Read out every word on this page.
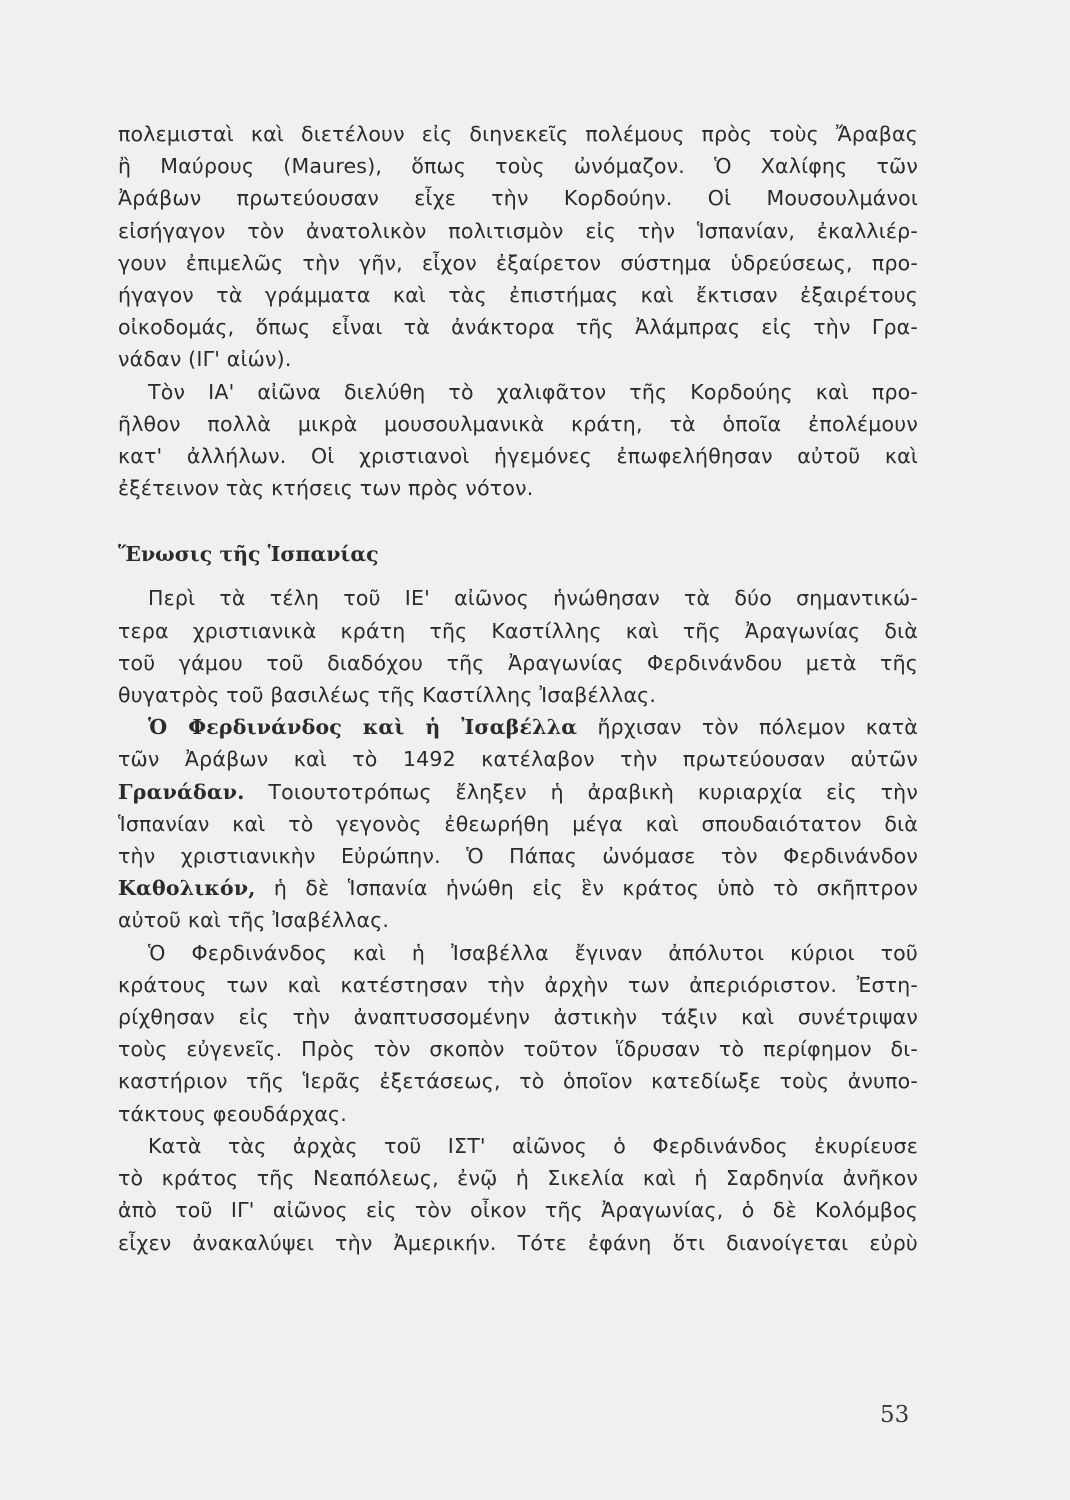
πολεμισταὶ καὶ διετέλουν εἰς διηνεκεῖς πολέμους πρὸς τοὺς Ἄραβας
ἢ Μαύρους (Maures), ὅπως τοὺς ὠνόμαζον. Ὁ Χαλίφης τῶν
Ἀράβων πρωτεύουσαν εἶχε τὴν Κορδούην. Οἱ Μουσουλμάνοι
εἰσήγαγον τὸν ἀνατολικὸν πολιτισμὸν εἰς τὴν Ἱσπανίαν, ἐκαλλιέρ-
γουν ἐπιμελῶς τὴν γῆν, εἶχον ἐξαίρετον σύστημα ὑδρεύσεως, προ-
ήγαγον τὰ γράμματα καὶ τὰς ἐπιστήμας καὶ ἔκτισαν ἐξαιρέτους
οἰκοδομάς, ὅπως εἶναι τὰ ἀνάκτορα τῆς Ἀλάμπρας εἰς τὴν Γρα-
νάδαν (ΙΓ' αἰών).
Τὸν ΙΑ' αἰῶνα διελύθη τὸ χαλιφᾶτον τῆς Κορδούης καὶ προ-
ῆλθον πολλὰ μικρὰ μουσουλμανικὰ κράτη, τὰ ὁποῖα ἐπολέμουν
κατ' ἀλλήλων. Οἱ χριστιανοὶ ἡγεμόνες ἐπωφελήθησαν αὐτοῦ καὶ
ἐξέτεινον τὰς κτήσεις των πρὸς νότον.
Ἕνωσις τῆς Ἱσπανίας
Περὶ τὰ τέλη τοῦ ΙΕ' αἰῶνος ἡνώθησαν τὰ δύο σημαντικώ-
τερα χριστιανικὰ κράτη τῆς Καστίλλης καὶ τῆς Ἀραγωνίας διὰ
τοῦ γάμου τοῦ διαδόχου τῆς Ἀραγωνίας Φερδινάνδου μετὰ τῆς
θυγατρὸς τοῦ βασιλέως τῆς Καστίλλης Ἰσαβέλλας.
Ὁ Φερδινάνδος καὶ ἡ Ἰσαβέλλα ἤρχισαν τὸν πόλεμον κατὰ
τῶν Ἀράβων καὶ τὸ 1492 κατέλαβον τὴν πρωτεύουσαν αὐτῶν
Γρανάδαν. Τοιουτοτρόπως ἔληξεν ἡ ἀραβικὴ κυριαρχία εἰς τὴν
Ἱσπανίαν καὶ τὸ γεγονὸς ἐθεωρήθη μέγα καὶ σπουδαιότατον διὰ
τὴν χριστιανικὴν Εὐρώπην. Ὁ Πάπας ὠνόμασε τὸν Φερδινάνδον
Καθολικόν, ἡ δὲ Ἱσπανία ἡνώθη εἰς ἓν κράτος ὑπὸ τὸ σκῆπτρον
αὐτοῦ καὶ τῆς Ἰσαβέλλας.
Ὁ Φερδινάνδος καὶ ἡ Ἰσαβέλλα ἔγιναν ἀπόλυτοι κύριοι τοῦ
κράτους των καὶ κατέστησαν τὴν ἀρχὴν των ἀπεριόριστον. Ἐστη-
ρίχθησαν εἰς τὴν ἀναπτυσσομένην ἀστικὴν τάξιν καὶ συνέτριψαν
τοὺς εὐγενεῖς. Πρὸς τὸν σκοπὸν τοῦτον ἵδρυσαν τὸ περίφημον δι-
καστήριον τῆς Ἱερᾶς ἐξετάσεως, τὸ ὁποῖον κατεδίωξε τοὺς ἀνυπο-
τάκτους φεουδάρχας.
Κατὰ τὰς ἀρχὰς τοῦ ΙΣΤ' αἰῶνος ὁ Φερδινάνδος ἐκυρίευσε
τὸ κράτος τῆς Νεαπόλεως, ἐνῷ ἡ Σικελία καὶ ἡ Σαρδηνία ἀνῆκον
ἀπὸ τοῦ ΙΓ' αἰῶνος εἰς τὸν οἶκον τῆς Ἀραγωνίας, ὁ δὲ Κολόμβος
εἶχεν ἀνακαλύψει τὴν Ἀμερικήν. Τότε ἐφάνη ὅτι διανοίγεται εὐρὺ
53
